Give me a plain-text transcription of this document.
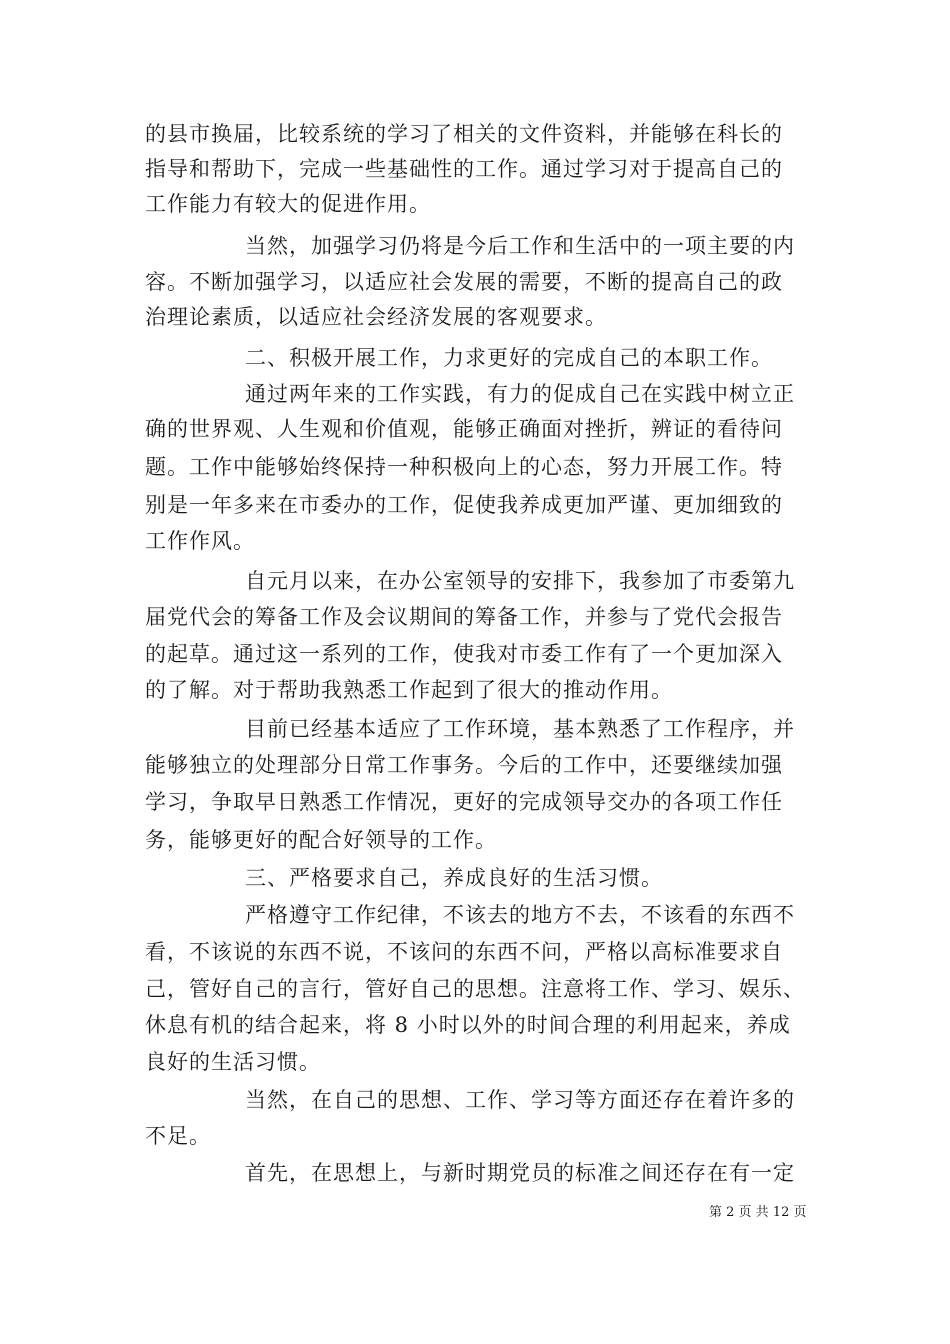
的县市换届，比较系统的学习了相关的文件资料，并能够在科长的
指导和帮助下，完成一些基础性的工作。通过学习对于提高自己的
工作能力有较大的促进作用。
当然，加强学习仍将是今后工作和生活中的一项主要的内
容。不断加强学习，以适应社会发展的需要，不断的提高自己的政
治理论素质，以适应社会经济发展的客观要求。
二、积极开展工作，力求更好的完成自己的本职工作。
通过两年来的工作实践，有力的促成自己在实践中树立正
确的世界观、人生观和价值观，能够正确面对挫折，辨证的看待问
题。工作中能够始终保持一种积极向上的心态，努力开展工作。特
别是一年多来在市委办的工作，促使我养成更加严谨、更加细致的
工作作风。
自元月以来，在办公室领导的安排下，我参加了市委第九
届党代会的筹备工作及会议期间的筹备工作，并参与了党代会报告
的起草。通过这一系列的工作，使我对市委工作有了一个更加深入
的了解。对于帮助我熟悉工作起到了很大的推动作用。
目前已经基本适应了工作环境，基本熟悉了工作程序，并
能够独立的处理部分日常工作事务。今后的工作中，还要继续加强
学习，争取早日熟悉工作情况，更好的完成领导交办的各项工作任
务，能够更好的配合好领导的工作。
三、严格要求自己，养成良好的生活习惯。
严格遵守工作纪律，不该去的地方不去，不该看的东西不
看，不该说的东西不说，不该问的东西不问，严格以高标准要求自
己，管好自己的言行，管好自己的思想。注意将工作、学习、娱乐、
休息有机的结合起来，将 8 小时以外的时间合理的利用起来，养成
良好的生活习惯。
当然，在自己的思想、工作、学习等方面还存在着许多的
不足。
首先，在思想上，与新时期党员的标准之间还存在有一定
第 2 页 共 12 页
